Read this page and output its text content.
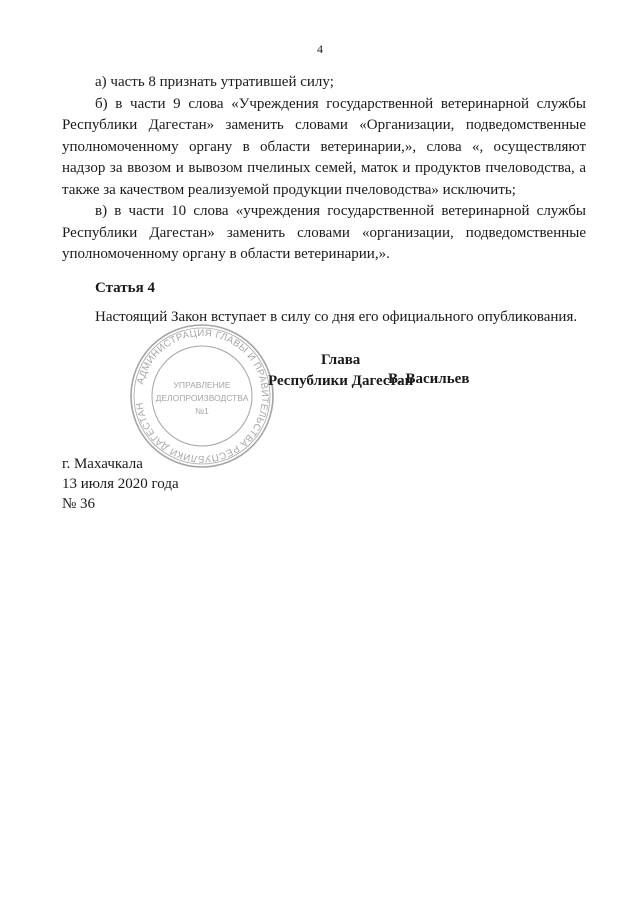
4

а) часть 8 признать утратившей силу;

б) в части 9 слова «Учреждения государственной ветеринарной службы Республики Дагестан» заменить словами «Организации, подведомственные уполномоченному органу в области ветеринарии,», слова «, осуществляют надзор за ввозом и вывозом пчелиных семей, маток и продуктов пчеловодства, а также за качеством реализуемой продукции пчеловодства» исключить;

в) в части 10 слова «учреждения государственной ветеринарной службы Республики Дагестан» заменить словами «организации, подведомственные уполномоченному органу в области ветеринарии,».

Статья 4

Настоящий Закон вступает в силу со дня его официального опубликования.

АДМИНИСТРАЦИЯ ГЛАВЫ И ПРАВИТЕЛЬСТВА РЕСПУБЛИКИ ДАГЕСТАН
УПРАВЛЕНИЕ
ДЕЛОПРОИЗВОДСТВА
№1
Глава
Республики Дагестан
В. Васильев
г. Махачкала
13 июля 2020 года
№ 36
